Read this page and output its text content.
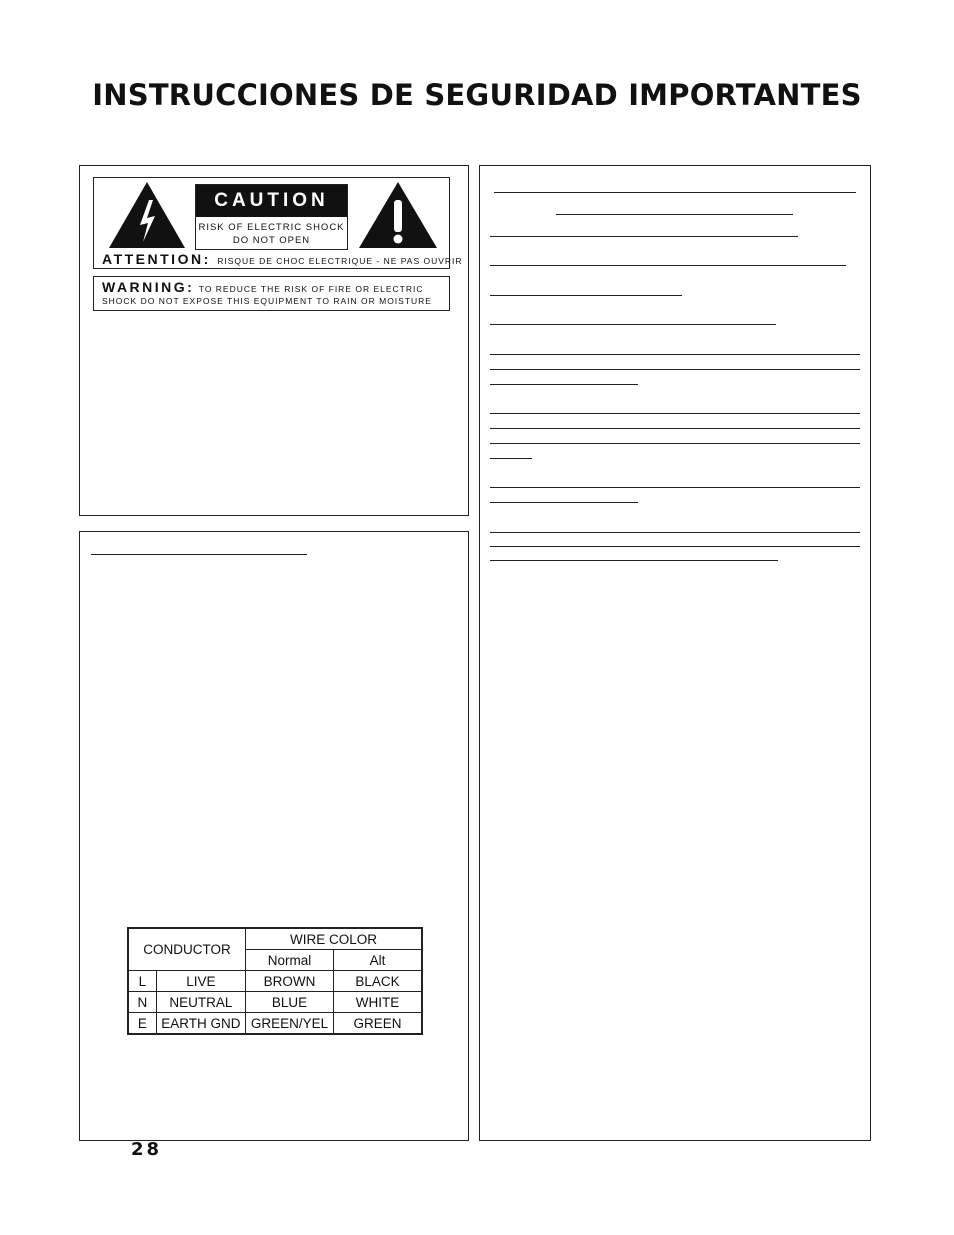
INSTRUCCIONES DE SEGURIDAD IMPORTANTES
CAUTION
RISK OF ELECTRIC SHOCK
DO NOT OPEN
ATTENTION: RISQUE DE CHOC ELECTRIQUE - NE PAS OUVRIR
WARNING: TO REDUCE THE RISK OF FIRE OR ELECTRIC
SHOCK DO NOT EXPOSE THIS EQUIPMENT TO RAIN OR MOISTURE
CONDUCTOR		WIRE COLOR	
		Normal	Alt
L	LIVE	BROWN	BLACK
N	NEUTRAL	BLUE	WHITE
E	EARTH GND	GREEN/YEL	GREEN
28
